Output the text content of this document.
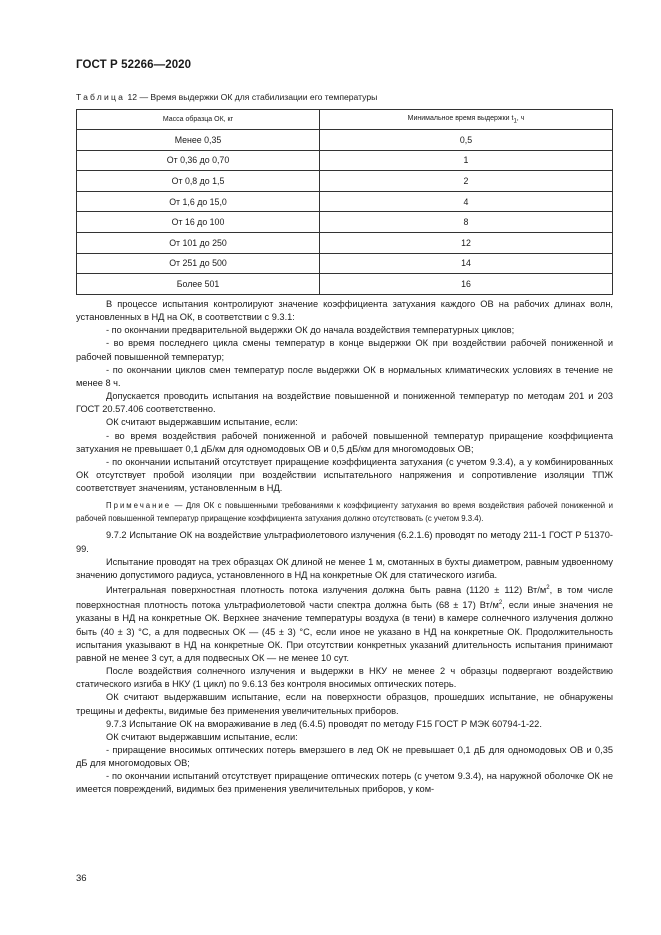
ГОСТ Р 52266—2020
Таблица 12 — Время выдержки ОК для стабилизации его температуры
Масса образца ОК, кг	Минимальное время выдержки $t_1$, ч
Менее 0,35	0,5
От 0,36 до 0,70	1
От 0,8 до 1,5	2
От 1,6 до 15,0	4
От 16 до 100	8
От 101 до 250	12
От 251 до 500	14
Более 501	16

В процессе испытания контролируют значение коэффициента затухания каждого ОВ на рабочих длинах волн, установленных в НД на ОК, в соответствии с 9.3.1:

- по окончании предварительной выдержки ОК до начала воздействия температурных циклов;

- во время последнего цикла смены температур в конце выдержки ОК при воздействии рабочей пониженной и рабочей повышенной температур;

- по окончании циклов смен температур после выдержки ОК в нормальных климатических условиях в течение не менее 8 ч.

Допускается проводить испытания на воздействие повышенной и пониженной температур по методам 201 и 203 ГОСТ 20.57.406 соответственно.

ОК считают выдержавшим испытание, если:

- во время воздействия рабочей пониженной и рабочей повышенной температур приращение коэффициента затухания не превышает 0,1 дБ/км для одномодовых ОВ и 0,5 дБ/км для многомодовых ОВ;

- по окончании испытаний отсутствует приращение коэффициента затухания (с учетом 9.3.4), а у комбинированных ОК отсутствует пробой изоляции при воздействии испытательного напряжения и сопротивление изоляции ТПЖ соответствует значениям, установленным в НД.

Примечание — Для ОК с повышенными требованиями к коэффициенту затухания во время воздействия рабочей пониженной и рабочей повышенной температур приращение коэффициента затухания должно отсутствовать (с учетом 9.3.4).

9.7.2 Испытание ОК на воздействие ультрафиолетового излучения (6.2.1.6) проводят по методу 211-1 ГОСТ Р 51370-99.

Испытание проводят на трех образцах ОК длиной не менее 1 м, смотанных в бухты диаметром, равным удвоенному значению допустимого радиуса, установленного в НД на конкретные ОК для статического изгиба.

Интегральная поверхностная плотность потока излучения должна быть равна (1120 ± 112) $Вт/м^2$, в том числе поверхностная плотность потока ультрафиолетовой части спектра должна быть (68 ± 17) $Вт/м^2$, если иные значения не указаны в НД на конкретные ОК. Верхнее значение температуры воздуха (в тени) в камере солнечного излучения должно быть (40 ± 3) °С, а для подвесных ОК — (45 ± 3) °С, если иное не указано в НД на конкретные ОК. Продолжительность испытания указывают в НД на конкретные ОК. При отсутствии конкретных указаний длительность испытания принимают равной не менее 3 сут, а для подвесных ОК — не менее 10 сут.

После воздействия солнечного излучения и выдержки в НКУ не менее 2 ч образцы подвергают воздействию статического изгиба в НКУ (1 цикл) по 9.6.13 без контроля вносимых оптических потерь.

ОК считают выдержавшим испытание, если на поверхности образцов, прошедших испытание, не обнаружены трещины и дефекты, видимые без применения увеличительных приборов.

9.7.3 Испытание ОК на вмораживание в лед (6.4.5) проводят по методу F15 ГОСТ Р МЭК 60794-1-22.

ОК считают выдержавшим испытание, если:

- приращение вносимых оптических потерь вмерзшего в лед ОК не превышает 0,1 дБ для одномодовых ОВ и 0,35 дБ для многомодовых ОВ;

- по окончании испытаний отсутствует приращение оптических потерь (с учетом 9.3.4), на наружной оболочке ОК не имеется повреждений, видимых без применения увеличительных приборов, у ком-

36
